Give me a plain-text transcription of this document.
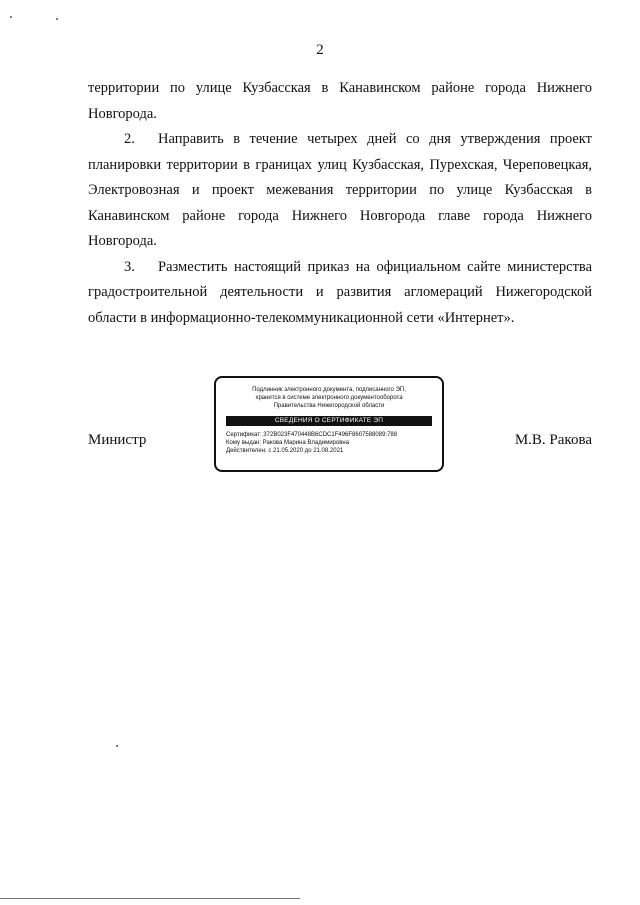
2
территории по улице Кузбасская в Канавинском районе города Нижнего
Новгорода.
2.	Направить в течение четырех дней со дня утверждения проект
планировки территории в границах улиц Кузбасская, Пурехская, Череповецкая,
Электровозная и проект межевания территории по улице Кузбасская в
Канавинском районе города Нижнего Новгорода главе города Нижнего
Новгорода.
3.	Разместить настоящий приказ на официальном сайте министерства
градостроительной деятельности и развития агломераций Нижегородской
области в информационно-телекоммуникационной сети «Интернет».
Министр	М.В. Ракова
Подлинник электронного документа, подписанного ЭП,
хранится в системе электронного документооборота
Правительства Нижегородской области
СВЕДЕНИЯ О СЕРТИФИКАТЕ ЭП
Сертификат: 372B023F470448B6CDC1F496F8607588089:788
Кому выдан: Ракова Марина Владимировна
Действителен: с 21.05.2020 до 21.08.2021
